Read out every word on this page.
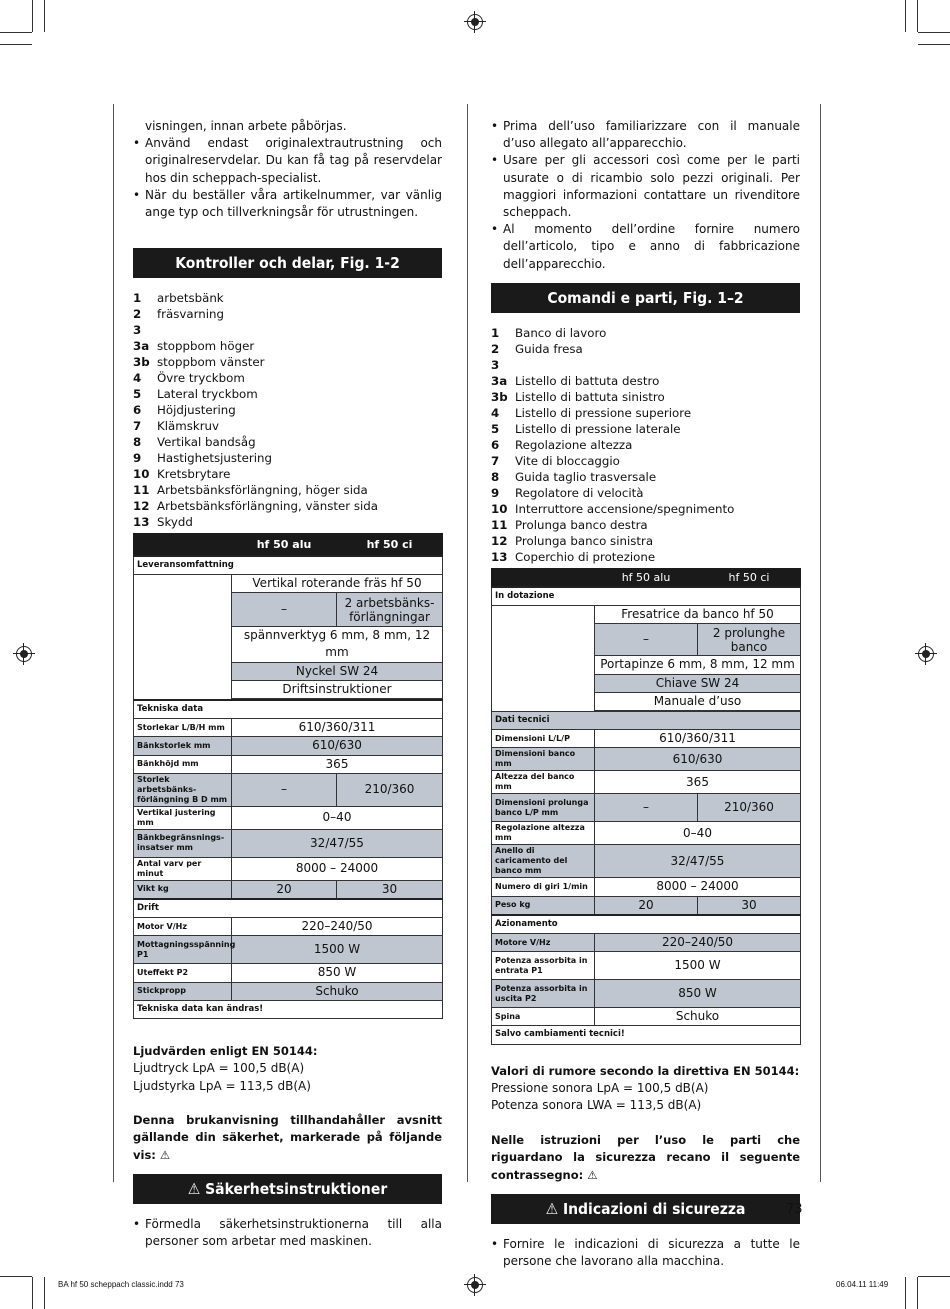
visningen, innan arbete påbörjas.
• Använd endast originalextrautrustning och originalreservdelar. Du kan få tag på reservdelar hos din scheppach-specialist.
• När du beställer våra artikelnummer, var vänlig ange typ och tillverkningsår för utrustningen.
Kontroller och delar, Fig. 1-2
1	arbetsbänk
2	fräsvarning
3
3a stoppbom höger
3b stoppbom vänster
4	Övre tryckbom
5	Lateral tryckbom
6	Höjdjustering
7	Klämskruv
8	Vertikal bandsåg
9	Hastighetsjustering
10 Kretsbrytare
11 Arbetsbänksförlängning, höger sida
12 Arbetsbänksförlängning, vänster sida
13 Skydd
	hf 50 alu	hf 50 ci
Leveransomfattning		
	Vertikal roterande fräs hf 50	
	–	2 arbetsbänks-förlängningar
	spännverktyg 6 mm, 8 mm, 12 mm	
	Nyckel SW 24	
	Driftsinstruktioner	

Tekniska data		
Storlekar L/B/H mm	610/360/311	
Bänkstorlek mm	610/630	
Bänkhöjd mm	365	
Storlek arbetsbänks-förlängning B D mm	–	210/360
Vertikal justering mm	0–40	
Bänkbegränsnings-insatser mm	32/47/55	
Antal varv per minut	8000 – 24000	
Vikt kg	20	30
Drift		
Motor V/Hz	220–240/50	
Mottagningsspänning P1	1500 W	
Uteffekt P2	850 W	
Stickpropp	Schuko	
Tekniska data kan ändras!		
Ljudvärden enligt EN 50144:
Ljudtryck LpA = 100,5 dB(A)
Ljudstyrka LpA = 113,5 dB(A)
Denna brukanvisning tillhandahåller avsnitt gällande din säkerhet, markerade på följande vis: ⚠
⚠ Säkerhetsinstruktioner
• Förmedla säkerhetsinstruktionerna till alla personer som arbetar med maskinen.
• Prima dell’uso familiarizzare con il manuale d’uso allegato all’apparecchio.
• Usare per gli accessori così come per le parti usurate o di ricambio solo pezzi originali. Per maggiori informazioni contattare un rivenditore scheppach.
• Al momento dell’ordine fornire numero dell’articolo, tipo e anno di fabbricazione dell’apparecchio.
Comandi e parti, Fig. 1–2
1	Banco di lavoro
2	Guida fresa
3
3a Listello di battuta destro
3b Listello di battuta sinistro
4	Listello di pressione superiore
5	Listello di pressione laterale
6	Regolazione altezza
7	Vite di bloccaggio
8	Guida taglio trasversale
9	Regolatore di velocità
10 Interruttore accensione/spegnimento
11 Prolunga banco destra
12 Prolunga banco sinistra
13 Coperchio di protezione
	hf 50 alu	hf 50 ci
In dotazione		
	Fresatrice da banco hf 50	
	–	2 prolunghe banco
	Portapinze 6 mm, 8 mm, 12 mm	
	Chiave SW 24	
	Manuale d’uso	

Dati tecnici		
Dimensioni L/L/P	610/360/311	
Dimensioni banco mm	610/630	
Altezza del banco mm	365	
Dimensioni prolunga banco L/P mm	–	210/360
Regolazione altezza mm	0–40	
Anello di caricamento del banco mm	32/47/55	
Numero di giri 1/min	8000 – 24000	
Peso kg	20	30
Azionamento		
Motore V/Hz	220–240/50	
Potenza assorbita in entrata P1	1500 W	
Potenza assorbita in uscita P2	850 W	
Spina	Schuko	
Salvo cambiamenti tecnici!		
Valori di rumore secondo la direttiva EN 50144:
Pressione sonora LpA = 100,5 dB(A)
Potenza sonora LWA = 113,5 dB(A)
Nelle istruzioni per l’uso le parti che riguardano la sicurezza recano il seguente contrassegno: ⚠
⚠ Indicazioni di sicurezza
• Fornire le indicazioni di sicurezza a tutte le persone che lavorano alla macchina.
73
BA hf 50 scheppach classic.indd 73	06.04.11 11:49
